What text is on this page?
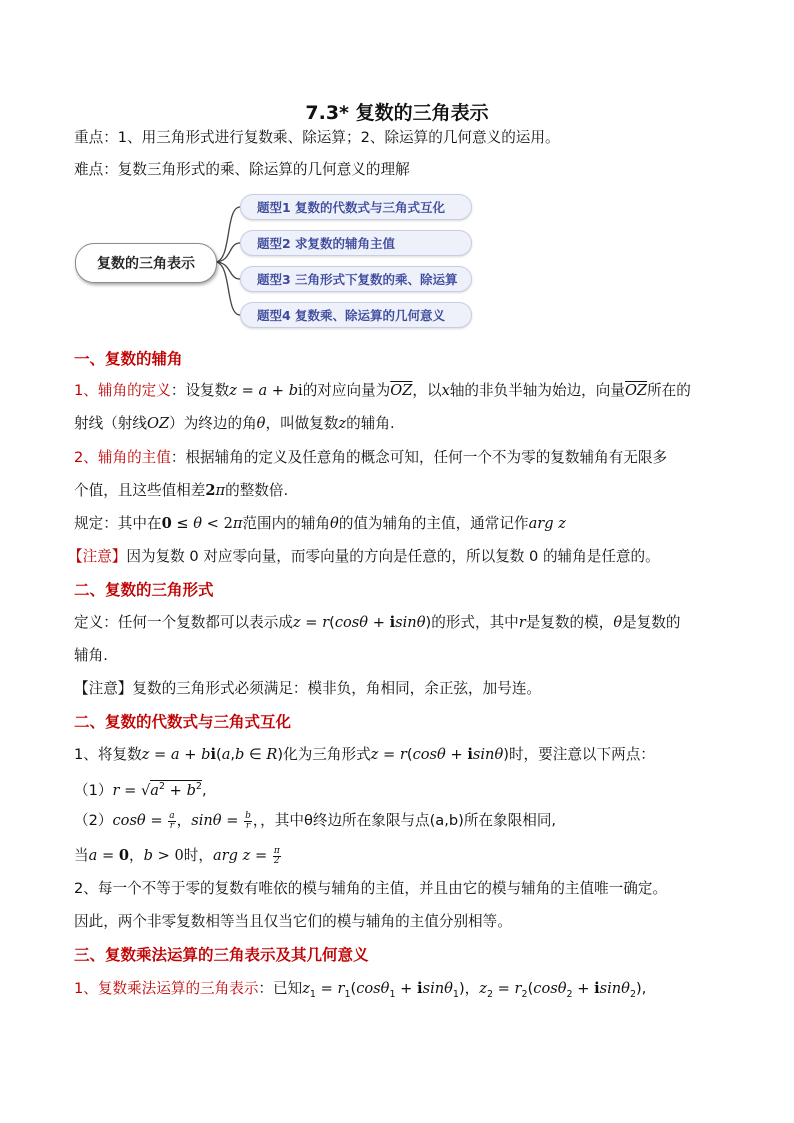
7.3* 复数的三角表示
重点：1、用三角形式进行复数乘、除运算；2、除运算的几何意义的运用。
难点：复数三角形式的乘、除运算的几何意义的理解
复数的三角表示
题型1 复数的代数式与三角式互化
题型2 求复数的辅角主值
题型3 三角形式下复数的乘、除运算
题型4 复数乘、除运算的几何意义
一、复数的辅角
1、辅角的定义：设复数z = a + bi的对应向量为$\overline{OZ}$，以x轴的非负半轴为始边，向量$\overline{OZ}$所在的
射线（射线OZ）为终边的角θ，叫做复数z的辅角.
2、辅角的主值：根据辅角的定义及任意角的概念可知，任何一个不为零的复数辅角有无限多
个值，且这些值相差2π的整数倍.
规定：其中在0 ≤ θ < 2π范围内的辅角θ的值为辅角的主值，通常记作arg z
【注意】因为复数 0 对应零向量，而零向量的方向是任意的，所以复数 0 的辅角是任意的。
二、复数的三角形式
定义：任何一个复数都可以表示成z = r(cosθ + isinθ)的形式，其中r是复数的模，θ是复数的
辅角.
【注意】复数的三角形式必须满足：模非负，角相同，余正弦，加号连。
二、复数的代数式与三角式互化
1、将复数z = a + bi(a,b ∈ R)化为三角形式z = r(cosθ + isinθ)时，要注意以下两点：
$(1)r = √a^2 + b^2$,
$(2)\cos\theta = \frac{a}{r}$ ，$\sin\theta = \frac{b}{r}$ ，，其中θ终边所在象限与点(a,b)所在象限相同,
当a = 0，b > 0时，arg $z = \frac{\pi}{2}$
2、每一个不等于零的复数有唯依的模与辅角的主值，并且由它的模与辅角的主值唯一确定。
因此，两个非零复数相等当且仅当它们的模与辅角的主值分别相等。
三、复数乘法运算的三角表示及其几何意义
1、复数乘法运算的三角表示：已知$z_1 = r_1(\cos\theta_1 + isin\theta_1)$，$z_2 = r_2(\cos\theta_2 + isin\theta_2)$,
